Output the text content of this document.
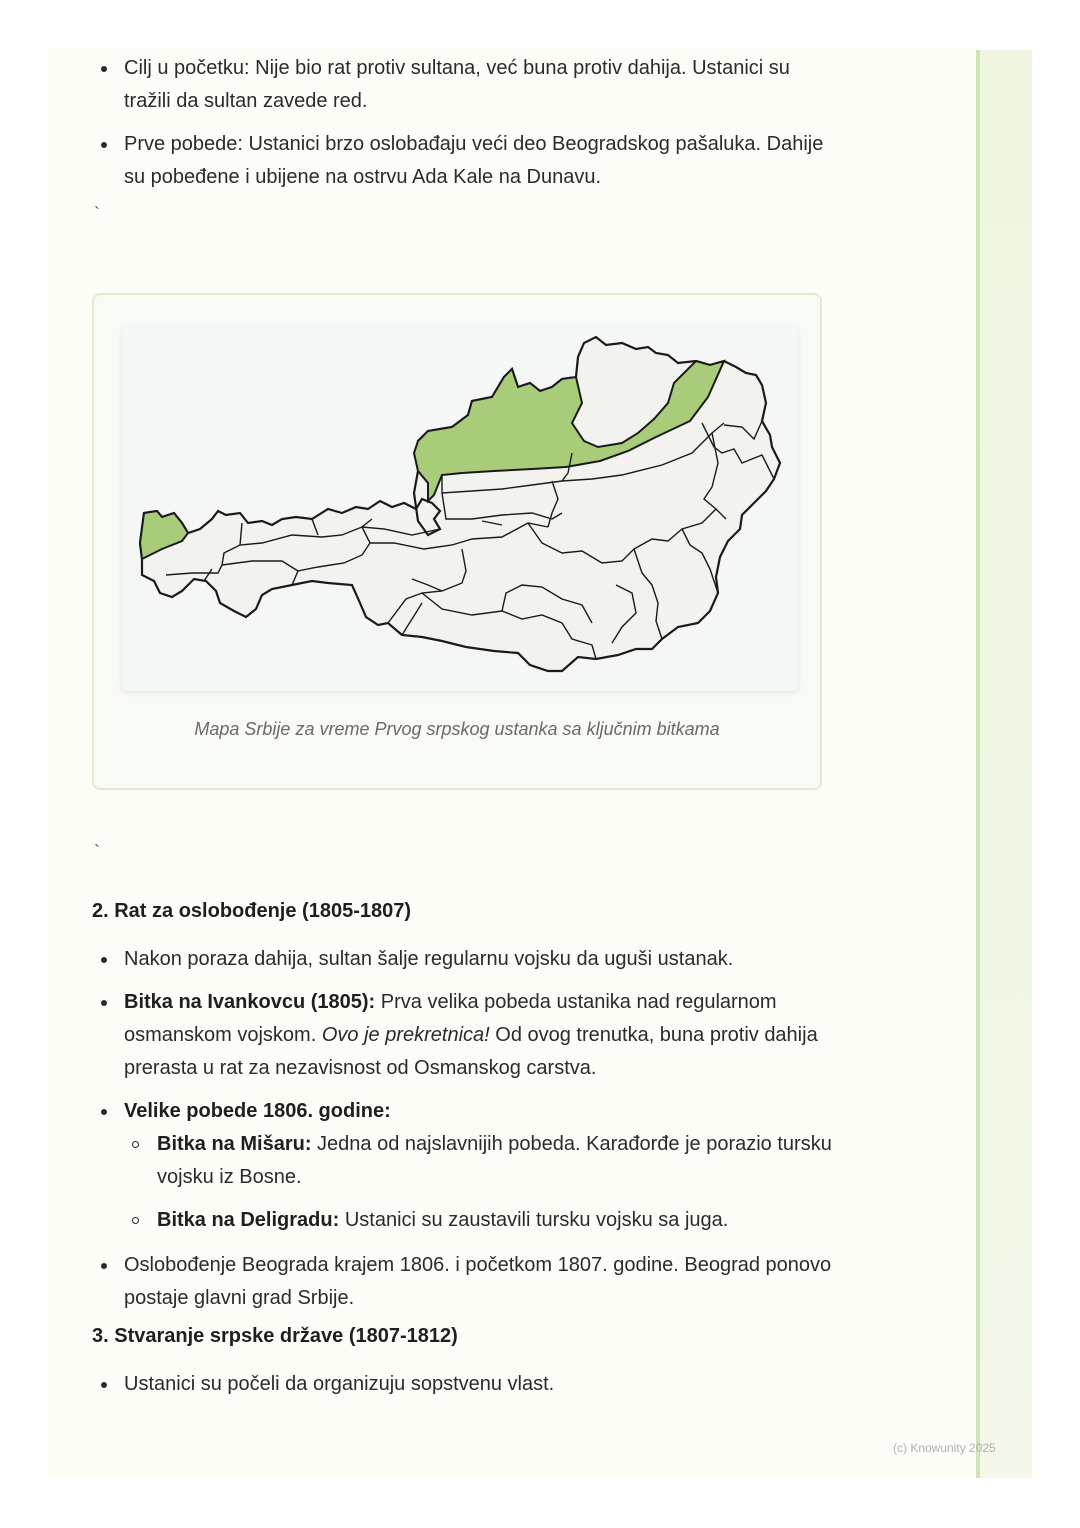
Cilj u početku: Nije bio rat protiv sultana, već buna protiv dahija. Ustanici su tražili da sultan zavede red.
Prve pobede: Ustanici brzo oslobađaju veći deo Beogradskog pašaluka. Dahije su pobeđene i ubijene na ostrvu Ada Kale na Dunavu.
`
Mapa Srbije za vreme Prvog srpskog ustanka sa ključnim bitkama
`
2. Rat za oslobođenje (1805-1807)
Nakon poraza dahija, sultan šalje regularnu vojsku da uguši ustanak.
Bitka na Ivankovcu (1805): Prva velika pobeda ustanika nad regularnom osmanskom vojskom. Ovo je prekretnica! Od ovog trenutka, buna protiv dahija prerasta u rat za nezavisnost od Osmanskog carstva.
Velike pobede 1806. godine:
Bitka na Mišaru: Jedna od najslavnijih pobeda. Karađorđe je porazio tursku vojsku iz Bosne.
Bitka na Deligradu: Ustanici su zaustavili tursku vojsku sa juga.
Oslobođenje Beograda krajem 1806. i početkom 1807. godine. Beograd ponovo postaje glavni grad Srbije.
3. Stvaranje srpske države (1807-1812)
Ustanici su počeli da organizuju sopstvenu vlast.
(c) Knowunity 2025
